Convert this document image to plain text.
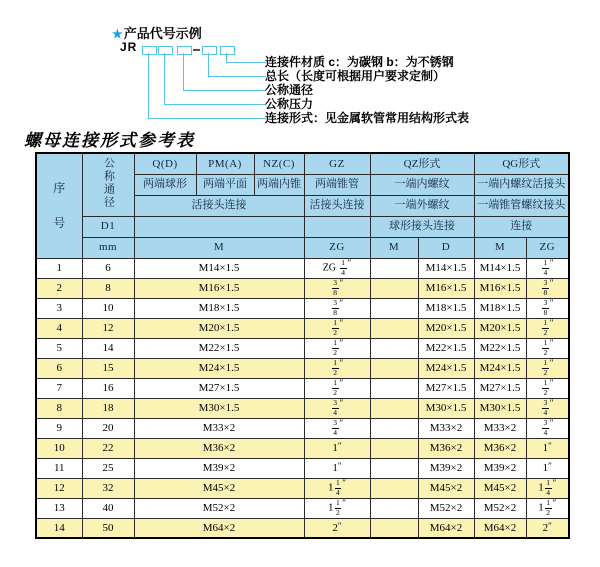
★产品代号示例
JR
连接件材质 c：为碳钢 b：为不锈钢
总长（长度可根据用户要求定制）
公称通径
公称压力
连接形式：见金属软管常用结构形式表
螺母连接形式参考表
序
号	公称通径	Q(D)	PM(A)	NZ(C)	GZ	QZ形式		QG形式	
		两端球形	两端平面	两端内锥	两端锥管	一端内螺纹		一端内螺纹活接头	
		活接头连接			活接头连接	一端外螺纹		一端锥管螺纹接头	
	D1					球形接头连接		连接	
	mm	M			ZG	M	D	M	ZG
1	6	M14×1.5			ZG $\frac{1}{4} ''$		M14×1.5	M14×1.5	$\frac{1}{4} ''$
2	8	M16×1.5			$\frac{3}{8} ''$		M16×1.5	M16×1.5	$\frac{3}{8} ''$
3	10	M18×1.5			$\frac{3}{8} ''$		M18×1.5	M18×1.5	$\frac{3}{8} ''$
4	12	M20×1.5			$\frac{1}{2} ''$		M20×1.5	M20×1.5	$\frac{1}{2} ''$
5	14	M22×1.5			$\frac{1}{2} ''$		M22×1.5	M22×1.5	$\frac{1}{2} ''$
6	15	M24×1.5			$\frac{1}{2} ''$		M24×1.5	M24×1.5	$\frac{1}{2} ''$
7	16	M27×1.5			$\frac{1}{2} ''$		M27×1.5	M27×1.5	$\frac{1}{2} ''$
8	18	M30×1.5			$\frac{3}{4} ''$		M30×1.5	M30×1.5	$\frac{3}{4} ''$
9	20	M33×2			$\frac{3}{4} ''$		M33×2	M33×2	$\frac{3}{4} ''$
10	22	M36×2			1″		M36×2	M36×2	1″
11	25	M39×2			1″		M39×2	M39×2	1″
12	32	M45×2			$1 \frac{1}{4} ''$		M45×2	M45×2	$1 \frac{1}{4} ''$
13	40	M52×2			$1 \frac{1}{2} ''$		M52×2	M52×2	$1 \frac{1}{2} ''$
14	50	M64×2			2″		M64×2	M64×2	2″
